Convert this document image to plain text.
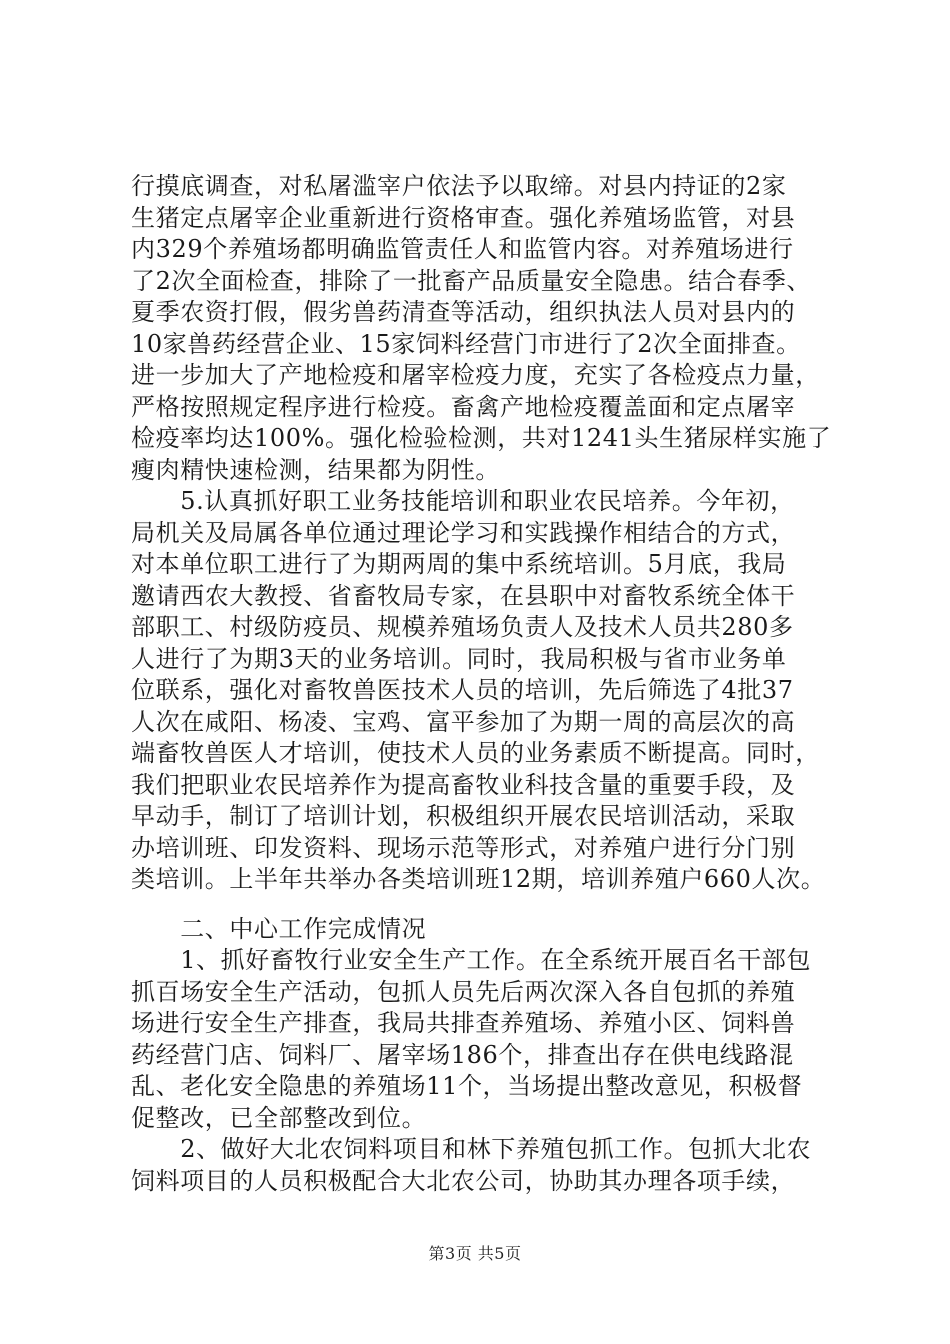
行摸底调查，对私屠滥宰户依法予以取缔。对县内持证的2家
生猪定点屠宰企业重新进行资格审查。强化养殖场监管，对县
内329个养殖场都明确监管责任人和监管内容。对养殖场进行
了2次全面检查，排除了一批畜产品质量安全隐患。结合春季、
夏季农资打假，假劣兽药清查等活动，组织执法人员对县内的
10家兽药经营企业、15家饲料经营门市进行了2次全面排查。
进一步加大了产地检疫和屠宰检疫力度，充实了各检疫点力量，
严格按照规定程序进行检疫。畜禽产地检疫覆盖面和定点屠宰
检疫率均达100%。强化检验检测，共对1241头生猪尿样实施了
瘦肉精快速检测，结果都为阴性。
　　5.认真抓好职工业务技能培训和职业农民培养。今年初，
局机关及局属各单位通过理论学习和实践操作相结合的方式，
对本单位职工进行了为期两周的集中系统培训。5月底，我局
邀请西农大教授、省畜牧局专家，在县职中对畜牧系统全体干
部职工、村级防疫员、规模养殖场负责人及技术人员共280多
人进行了为期3天的业务培训。同时，我局积极与省市业务单
位联系，强化对畜牧兽医技术人员的培训，先后筛选了4批37
人次在咸阳、杨凌、宝鸡、富平参加了为期一周的高层次的高
端畜牧兽医人才培训，使技术人员的业务素质不断提高。同时，
我们把职业农民培养作为提高畜牧业科技含量的重要手段，及
早动手，制订了培训计划，积极组织开展农民培训活动，采取
办培训班、印发资料、现场示范等形式，对养殖户进行分门别
类培训。上半年共举办各类培训班12期，培训养殖户660人次。
　　二、中心工作完成情况
　　1、抓好畜牧行业安全生产工作。在全系统开展百名干部包
抓百场安全生产活动，包抓人员先后两次深入各自包抓的养殖
场进行安全生产排查，我局共排查养殖场、养殖小区、饲料兽
药经营门店、饲料厂、屠宰场186个，排查出存在供电线路混
乱、老化安全隐患的养殖场11个，当场提出整改意见，积极督
促整改，已全部整改到位。
　　2、做好大北农饲料项目和林下养殖包抓工作。包抓大北农
饲料项目的人员积极配合大北农公司，协助其办理各项手续，
第3页 共5页
